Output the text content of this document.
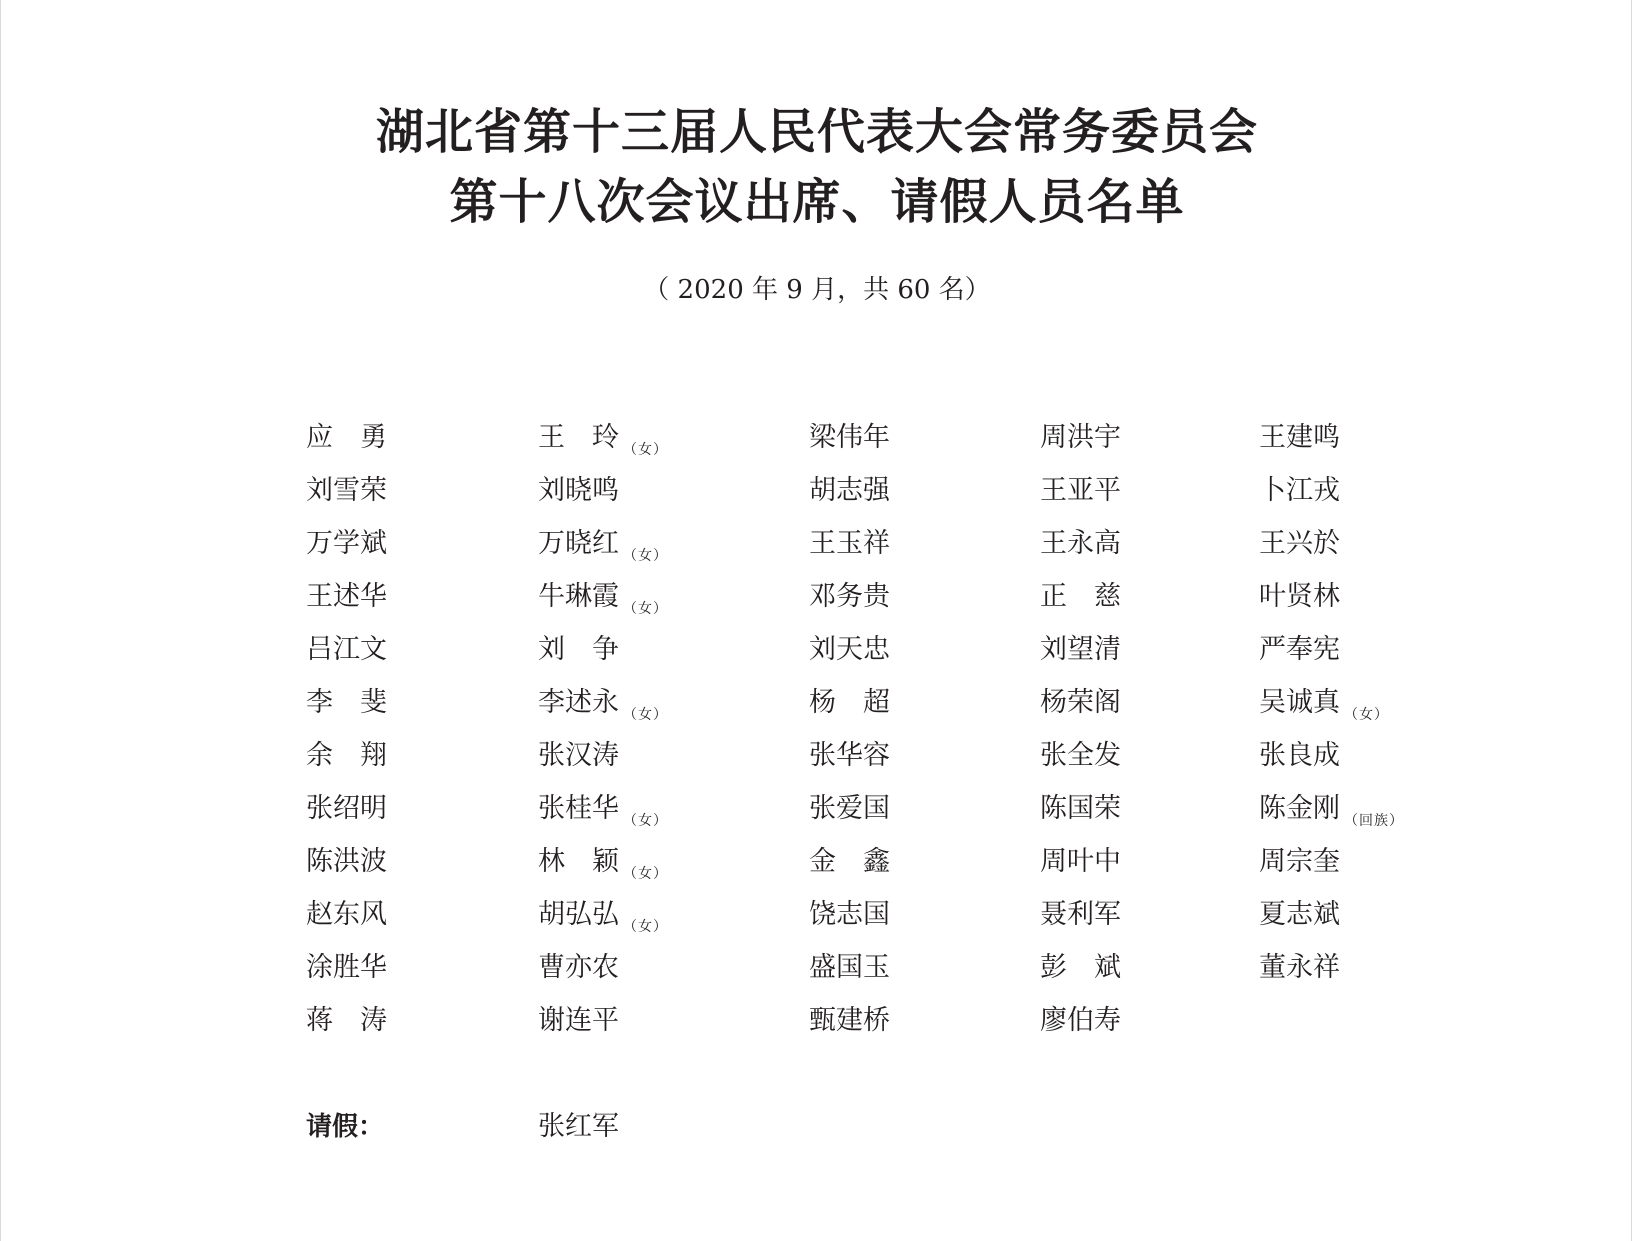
湖北省第十三届人民代表大会常务委员会
第十八次会议出席、请假人员名单
（ 2020 年 9 月，共 60 名）
应　勇	王　玲 $_{(女)}$	梁伟年	周洪宇	王建鸣
刘雪荣	刘晓鸣	胡志强	王亚平	卜江戎
万学斌	万晓红 $_{(女)}$	王玉祥	王永高	王兴於
王述华	牛琳霞 $_{(女)}$	邓务贵	正　慈	叶贤林
吕江文	刘　争	刘天忠	刘望清	严奉宪
李　斐	李述永 $_{(女)}$	杨　超	杨荣阁	吴诚真 $_{(女)}$
余　翔	张汉涛	张华容	张全发	张良成
张绍明	张桂华 $_{(女)}$	张爱国	陈国荣	陈金刚 $_{(回族)}$
陈洪波	林　颖 $_{(女)}$	金　鑫	周叶中	周宗奎
赵东风	胡弘弘 $_{(女)}$	饶志国	聂利军	夏志斌
涂胜华	曹亦农	盛国玉	彭　斌	董永祥
蒋　涛	谢连平	甄建桥	廖伯寿
请假：	张红军
